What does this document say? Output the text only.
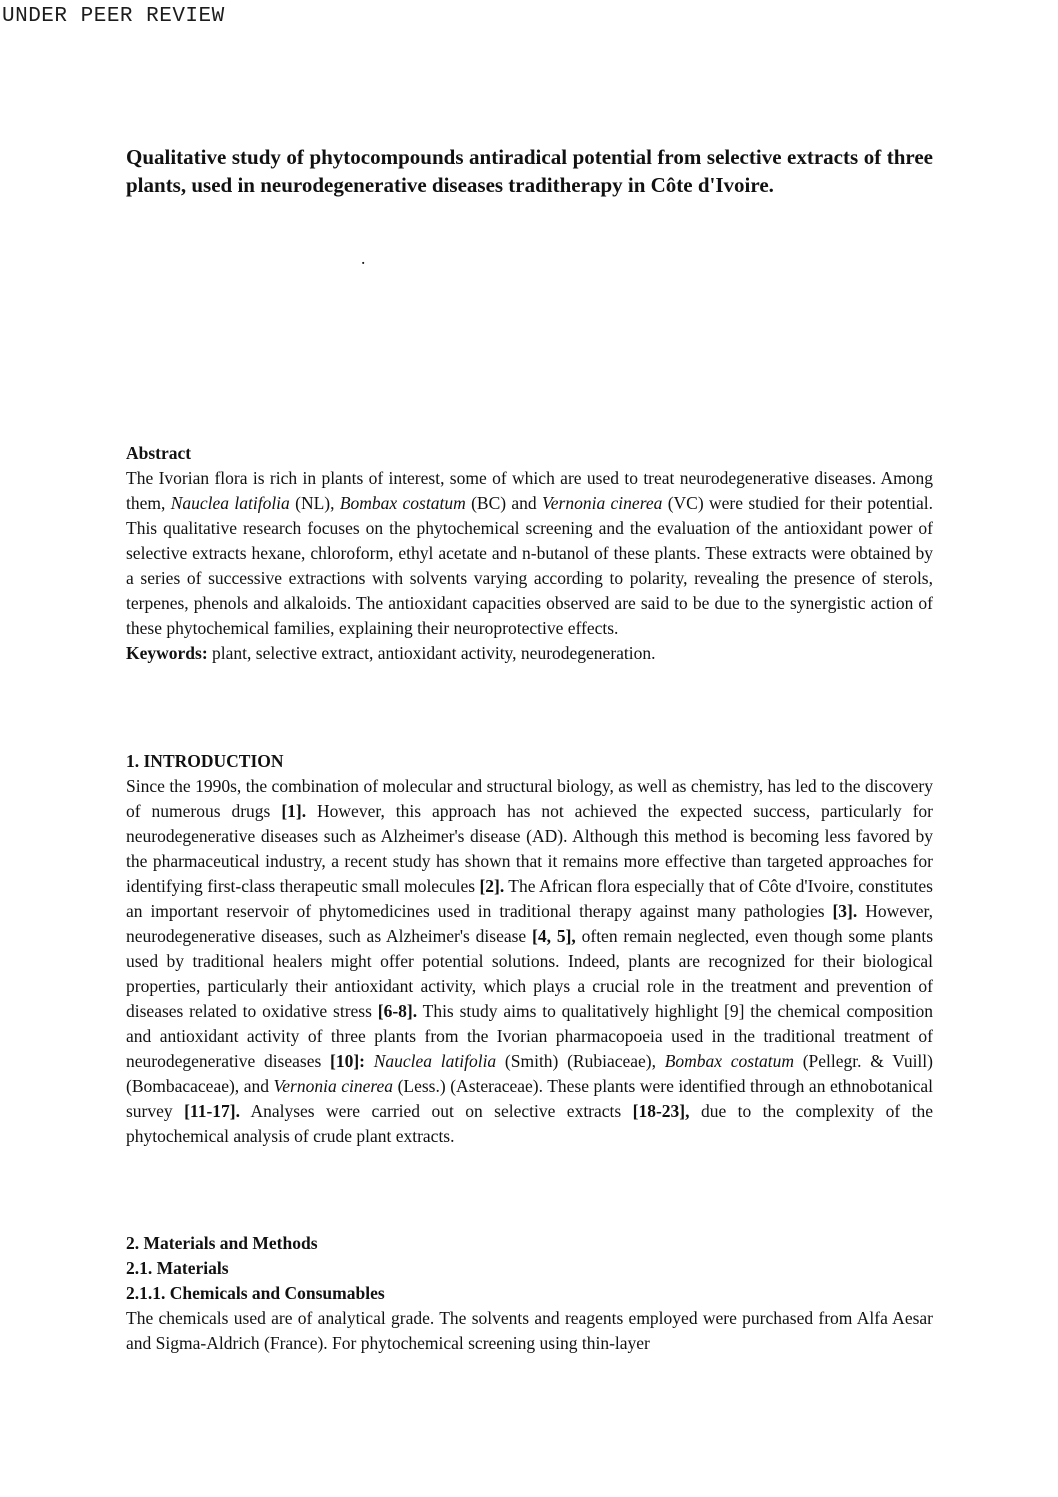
UNDER PEER REVIEW
Qualitative study of phytocompounds antiradical potential from selective extracts of three plants, used in neurodegenerative diseases traditherapy in Côte d'Ivoire.
.

Abstract

The Ivorian flora is rich in plants of interest, some of which are used to treat neurodegenerative diseases. Among them, Nauclea latifolia (NL), Bombax costatum (BC) and Vernonia cinerea (VC) were studied for their potential. This qualitative research focuses on the phytochemical screening and the evaluation of the antioxidant power of selective extracts hexane, chloroform, ethyl acetate and n-butanol of these plants. These extracts were obtained by a series of successive extractions with solvents varying according to polarity, revealing the presence of sterols, terpenes, phenols and alkaloids. The antioxidant capacities observed are said to be due to the synergistic action of these phytochemical families, explaining their neuroprotective effects.

Keywords: plant, selective extract, antioxidant activity, neurodegeneration.

1. INTRODUCTION

Since the 1990s, the combination of molecular and structural biology, as well as chemistry, has led to the discovery of numerous drugs [1]. However, this approach has not achieved the expected success, particularly for neurodegenerative diseases such as Alzheimer's disease (AD). Although this method is becoming less favored by the pharmaceutical industry, a recent study has shown that it remains more effective than targeted approaches for identifying first-class therapeutic small molecules [2]. The African flora especially that of Côte d'Ivoire, constitutes an important reservoir of phytomedicines used in traditional therapy against many pathologies [3]. However, neurodegenerative diseases, such as Alzheimer's disease [4, 5], often remain neglected, even though some plants used by traditional healers might offer potential solutions. Indeed, plants are recognized for their biological properties, particularly their antioxidant activity, which plays a crucial role in the treatment and prevention of diseases related to oxidative stress [6-8]. This study aims to qualitatively highlight [9] the chemical composition and antioxidant activity of three plants from the Ivorian pharmacopoeia used in the traditional treatment of neurodegenerative diseases [10]: Nauclea latifolia (Smith) (Rubiaceae), Bombax costatum (Pellegr. & Vuill) (Bombacaceae), and Vernonia cinerea (Less.) (Asteraceae). These plants were identified through an ethnobotanical survey [11-17]. Analyses were carried out on selective extracts [18-23], due to the complexity of the phytochemical analysis of crude plant extracts.

2. Materials and Methods

2.1. Materials

2.1.1. Chemicals and Consumables

The chemicals used are of analytical grade. The solvents and reagents employed were purchased from Alfa Aesar and Sigma-Aldrich (France). For phytochemical screening using thin-layer
